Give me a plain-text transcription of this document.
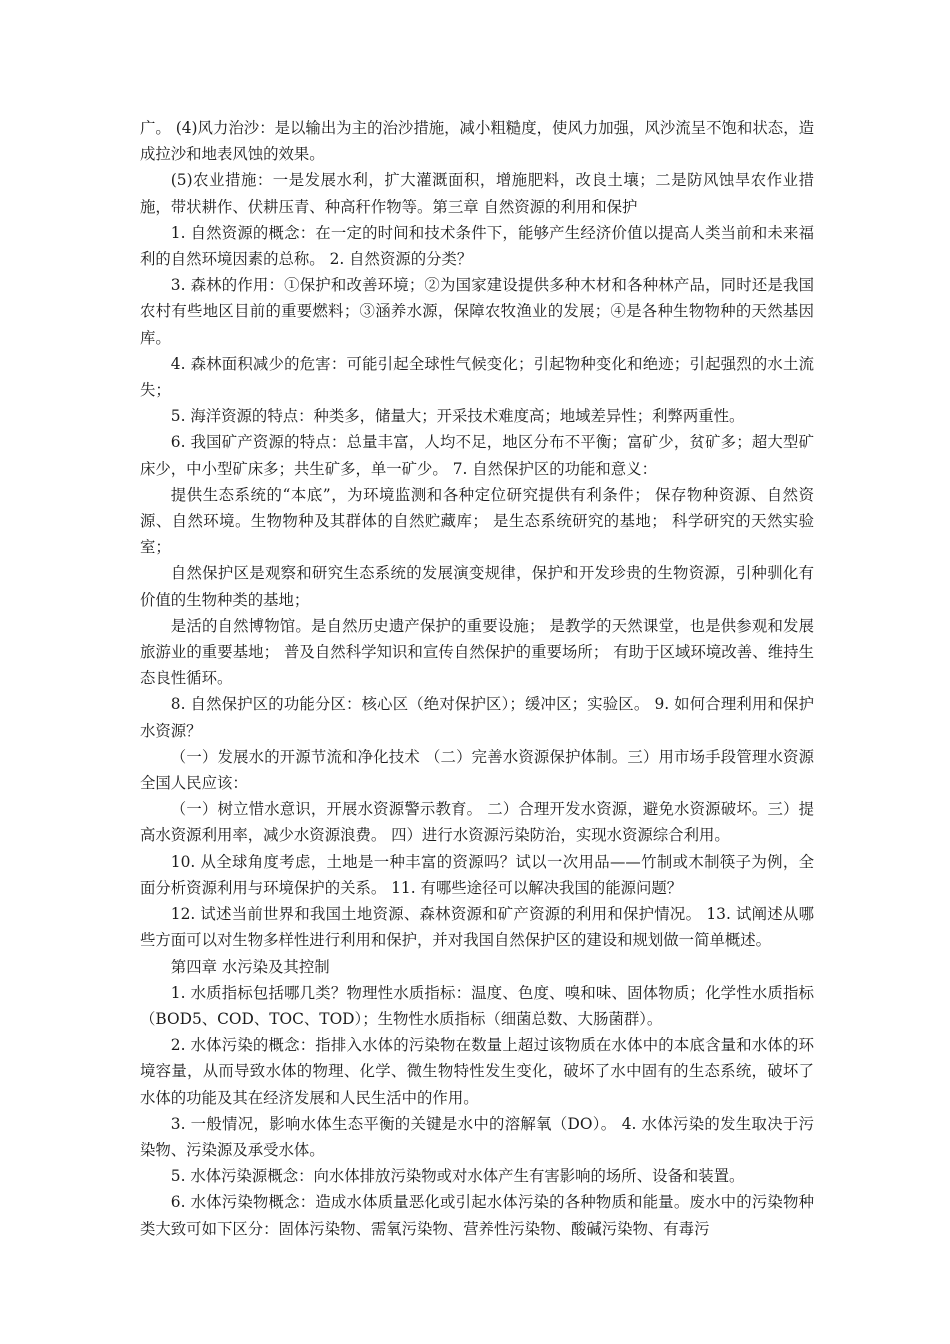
广。 (4)风力治沙：是以输出为主的治沙措施，减小粗糙度，使风力加强，风沙流呈不饱和状态，造成拉沙和地表风蚀的效果。

(5)农业措施：一是发展水利，扩大灌溉面积，增施肥料，改良土壤；二是防风蚀旱农作业措施，带状耕作、伏耕压青、种高秆作物等。第三章 自然资源的利用和保护

1. 自然资源的概念：在一定的时间和技术条件下，能够产生经济价值以提高人类当前和未来福利的自然环境因素的总称。 2. 自然资源的分类？

3. 森林的作用：①保护和改善环境；②为国家建设提供多种木材和各种林产品，同时还是我国农村有些地区目前的重要燃料；③涵养水源，保障农牧渔业的发展；④是各种生物物种的天然基因库。

4. 森林面积减少的危害：可能引起全球性气候变化；引起物种变化和绝迹；引起强烈的水土流失；

5. 海洋资源的特点：种类多，储量大；开采技术难度高；地域差异性；利弊两重性。

6. 我国矿产资源的特点：总量丰富，人均不足，地区分布不平衡；富矿少，贫矿多；超大型矿床少，中小型矿床多；共生矿多，单一矿少。 7. 自然保护区的功能和意义：

提供生态系统的“本底”，为环境监测和各种定位研究提供有利条件； 保存物种资源、自然资源、自然环境。生物物种及其群体的自然贮藏库； 是生态系统研究的基地； 科学研究的天然实验室；

自然保护区是观察和研究生态系统的发展演变规律，保护和开发珍贵的生物资源，引种驯化有价值的生物种类的基地；

是活的自然博物馆。是自然历史遗产保护的重要设施； 是教学的天然课堂，也是供参观和发展旅游业的重要基地； 普及自然科学知识和宣传自然保护的重要场所； 有助于区域环境改善、维持生态良性循环。

8. 自然保护区的功能分区：核心区（绝对保护区）；缓冲区；实验区。 9. 如何合理利用和保护水资源？

（一）发展水的开源节流和净化技术 （二）完善水资源保护体制。三）用市场手段管理水资源 全国人民应该：

（一）树立惜水意识，开展水资源警示教育。 二）合理开发水资源，避免水资源破坏。三）提高水资源利用率，减少水资源浪费。 四）进行水资源污染防治，实现水资源综合利用。

10. 从全球角度考虑，土地是一种丰富的资源吗？试以一次用品——竹制或木制筷子为例，全面分析资源利用与环境保护的关系。 11. 有哪些途径可以解决我国的能源问题？

12. 试述当前世界和我国土地资源、森林资源和矿产资源的利用和保护情况。 13. 试阐述从哪些方面可以对生物多样性进行利用和保护，并对我国自然保护区的建设和规划做一简单概述。

第四章 水污染及其控制

1. 水质指标包括哪几类？物理性水质指标：温度、色度、嗅和味、固体物质；化学性水质指标（BOD5、COD、TOC、TOD）；生物性水质指标（细菌总数、大肠菌群）。

2. 水体污染的概念：指排入水体的污染物在数量上超过该物质在水体中的本底含量和水体的环境容量，从而导致水体的物理、化学、微生物特性发生变化，破坏了水中固有的生态系统，破坏了水体的功能及其在经济发展和人民生活中的作用。

3. 一般情况，影响水体生态平衡的关键是水中的溶解氧（DO）。 4. 水体污染的发生取决于污染物、污染源及承受水体。

5. 水体污染源概念：向水体排放污染物或对水体产生有害影响的场所、设备和装置。

6. 水体污染物概念：造成水体质量恶化或引起水体污染的各种物质和能量。废水中的污染物种类大致可如下区分：固体污染物、需氧污染物、营养性污染物、酸碱污染物、有毒污
